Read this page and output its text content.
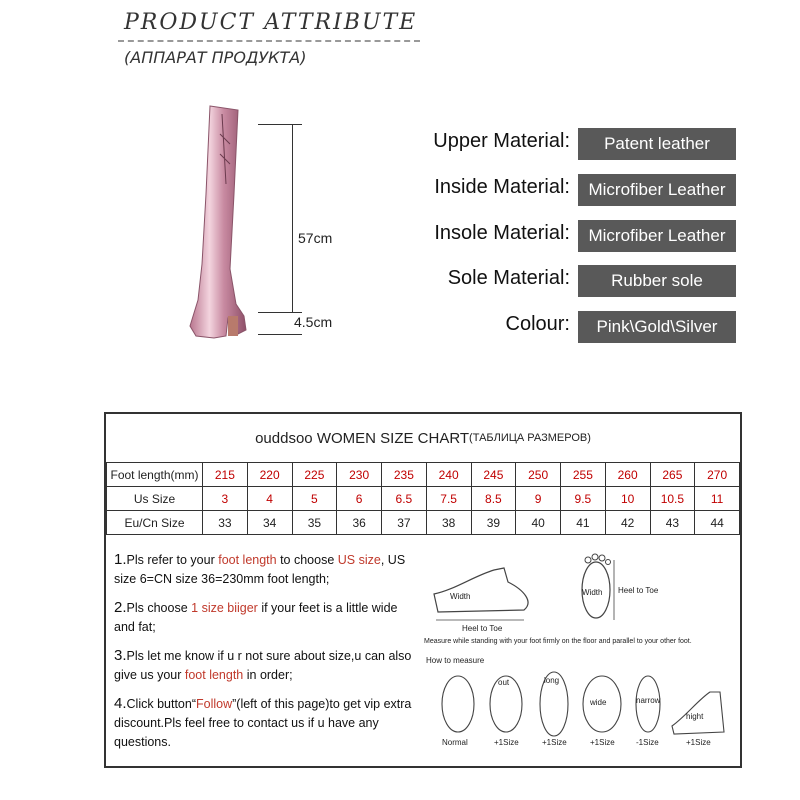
PRODUCT ATTRIBUTE
(АППАРАТ ПРОДУКТА)
57cm
4.5cm
Upper Material:	Patent leather
Inside Material:	Microfiber Leather
Insole Material:	Microfiber Leather
Sole Material:	Rubber sole
Colour:	Pink\Gold\Silver
ouddsoo WOMEN SIZE CHART (ТАБЛИЦА РАЗМЕРОВ)
Foot length(mm)	215	220	225	230	235	240	245	250	255	260	265	270
Us Size	3	4	5	6	6.5	7.5	8.5	9	9.5	10	10.5	11
Eu/Cn Size	33	34	35	36	37	38	39	40	41	42	43	44

1.Pls refer to your foot length to choose US size, US size 6=CN size 36=230mm foot length;

2.Pls choose 1 size biiger if your feet is a little wide and fat;

3.Pls let me know if u r not sure about size,u can also give us your foot length in order;

4.Click button“Follow”(left of this page)to get vip extra discount.Pls feel free to contact us if u have any questions.

Width
Heel to Toe
Width Heel to Toe
Measure while standing with your foot firmly on the floor and parallel to your other foot.
How to measure
out	long
wide	narrow
hight
Normal	+1Size	+1Size	+1Size	-1Size	+1Size
